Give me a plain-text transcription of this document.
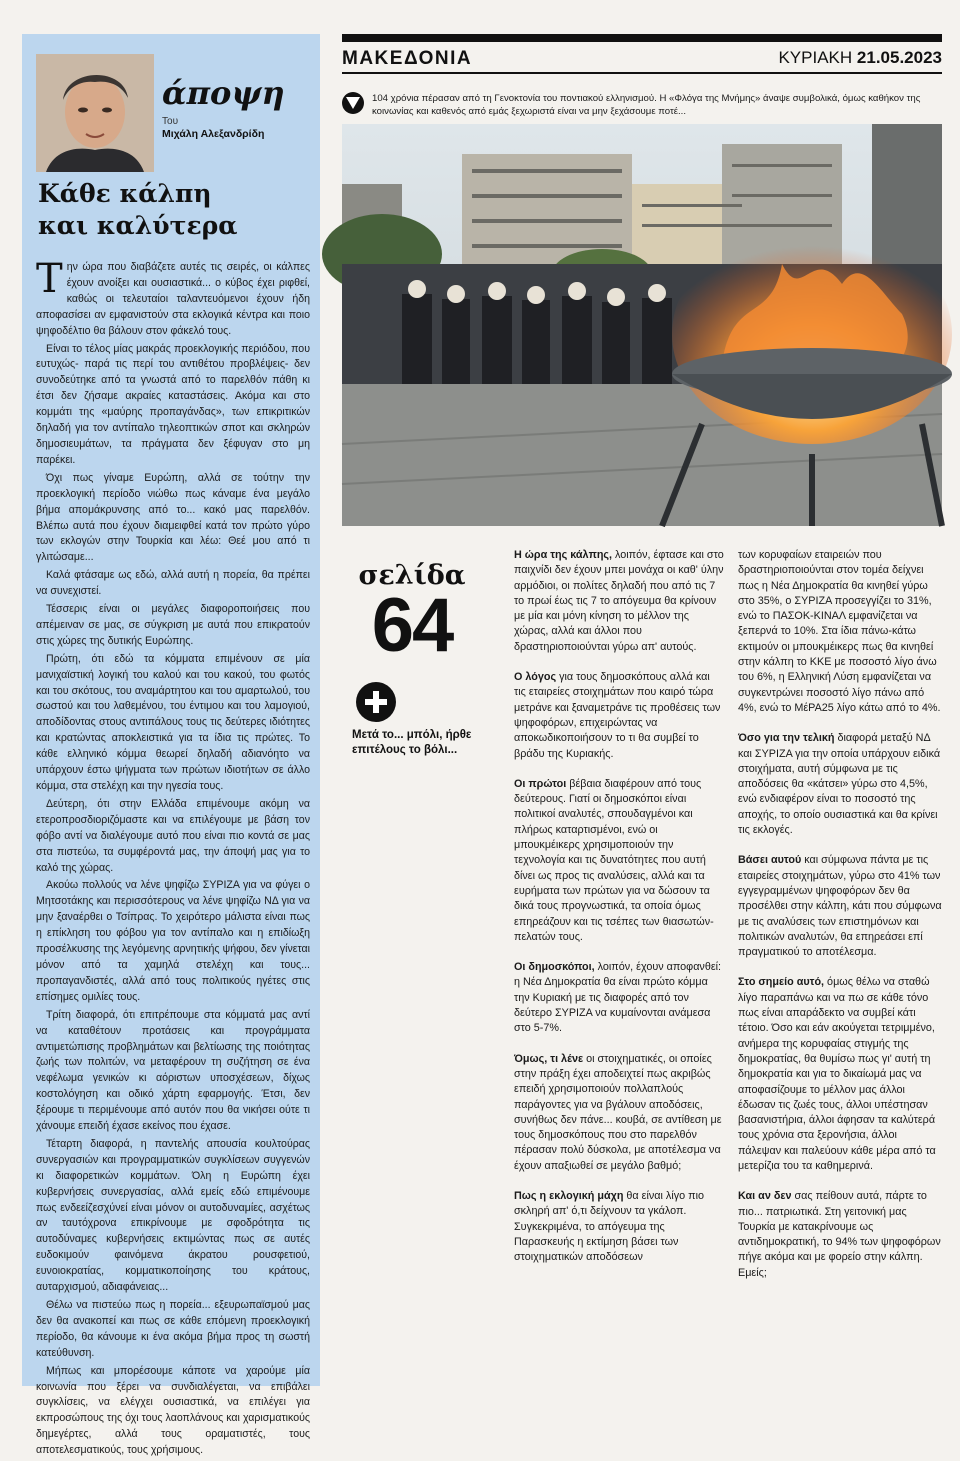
άποψη
Του
Μιχάλη Αλεξανδρίδη
Κάθε κάλπη
και καλύτερα

Την ώρα που διαβάζετε αυτές τις σειρές, οι κάλπες έχουν ανοίξει και ουσιαστικά... ο κύβος έχει ριφθεί, καθώς οι τελευταίοι ταλαντευόμενοι έχουν ήδη αποφασίσει αν εμφανιστούν στα εκλογικά κέντρα και ποιο ψηφοδέλτιο θα βάλουν στον φάκελό τους.

Είναι το τέλος μίας μακράς προεκλογικής περιόδου, που ευτυχώς- παρά τις περί του αντιθέτου προβλέψεις- δεν συνοδεύτηκε από τα γνωστά από το παρελθόν πάθη κι έτσι δεν ζήσαμε ακραίες καταστάσεις. Ακόμα και στο κομμάτι της «μαύρης προπαγάνδας», των επικριτικών δηλαδή για τον αντίπαλο τηλεοπτικών σποτ και σκληρών δημοσιευμάτων, τα πράγματα δεν ξέφυγαν στο μη παρέκει.

Όχι πως γίναμε Ευρώπη, αλλά σε τούτην την προεκλογική περίοδο νιώθω πως κάναμε ένα μεγάλο βήμα απομάκρυνσης από το... κακό μας παρελθόν. Βλέπω αυτά που έχουν διαμειφθεί κατά τον πρώτο γύρο των εκλογών στην Τουρκία και λέω: Θεέ μου από τι γλιτώσαμε...

Καλά φτάσαμε ως εδώ, αλλά αυτή η πορεία, θα πρέπει να συνεχιστεί.

Τέσσερις είναι οι μεγάλες διαφοροποιήσεις που απέμειναν σε μας, σε σύγκριση με αυτά που επικρατούν στις χώρες της δυτικής Ευρώπης.

Πρώτη, ότι εδώ τα κόμματα επιμένουν σε μία μανιχαϊστική λογική του καλού και του κακού, του φωτός και του σκότους, του αναμάρτητου και του αμαρτωλού, του σωστού και του λαθεμένου, του έντιμου και του λαμογιού, αποδίδοντας στους αντιπάλους τους τις δεύτερες ιδιότητες και κρατώντας αποκλειστικά για τα ίδια τις πρώτες. Το κάθε ελληνικό κόμμα θεωρεί δηλαδή αδιανόητο να υπάρχουν έστω ψήγματα των πρώτων ιδιοτήτων σε άλλο κόμμα, στα στελέχη και την ηγεσία τους.

Δεύτερη, ότι στην Ελλάδα επιμένουμε ακόμη να ετεροπροσδιοριζόμαστε και να επιλέγουμε με βάση τον φόβο αντί να διαλέγουμε αυτό που είναι πιο κοντά σε μας στα πιστεύω, τα συμφέροντά μας, την άποψή μας για το καλό της χώρας.

Ακούω πολλούς να λένε ψηφίζω ΣΥΡΙΖΑ για να φύγει ο Μητσοτάκης και περισσότερους να λένε ψηφίζω ΝΔ για να μην ξαναέρθει ο Τσίπρας. Το χειρότερο μάλιστα είναι πως η επίκληση του φόβου για τον αντίπαλο και η επιδίωξη προσέλκυσης της λεγόμενης αρνητικής ψήφου, δεν γίνεται μόνον από τα χαμηλά στελέχη και τους... προπαγανδιστές, αλλά από τους πολιτικούς ηγέτες στις επίσημες ομιλίες τους.

Τρίτη διαφορά, ότι επιτρέπουμε στα κόμματά μας αντί να καταθέτουν προτάσεις και προγράμματα αντιμετώπισης προβλημάτων και βελτίωσης της ποιότητας ζωής των πολιτών, να μεταφέρουν τη συζήτηση σε ένα νεφέλωμα γενικών κι αόριστων υποσχέσεων, δίχως κοστολόγηση και οδικό χάρτη εφαρμογής. Έτσι, δεν ξέρουμε τι περιμένουμε από αυτόν που θα νικήσει ούτε τι χάνουμε επειδή έχασε εκείνος που έχασε.

Τέταρτη διαφορά, η παντελής απουσία κουλτούρας συνεργασιών και προγραμματικών συγκλίσεων συγγενών κι διαφορετικών κομμάτων. Όλη η Ευρώπη έχει κυβερνήσεις συνεργασίας, αλλά εμείς εδώ επιμένουμε πως ενδεείζεσχύνεί είναι μόνον οι αυτοδυναμίες, ασχέτως αν ταυτόχρονα επικρίνουμε με σφοδρότητα τις αυτοδύναμες κυβερνήσεις εκτιμώντας πως σε αυτές ευδοκιμούν φαινόμενα άκρατου ρουσφετιού, ευνοιοκρατίας, κομματικοποίησης του κράτους, αυταρχισμού, αδιαφάνειας...

Θέλω να πιστεύω πως η πορεία... εξευρωπαϊσμού μας δεν θα ανακοπεί και πως σε κάθε επόμενη προεκλογική περίοδο, θα κάνουμε κι ένα ακόμα βήμα προς τη σωστή κατεύθυνση.

Μήπως και μπορέσουμε κάποτε να χαρούμε μία κοινωνία που ξέρει να συνδιαλέγεται, να επιβάλει συγκλίσεις, να ελέγχει ουσιαστικά, να επιλέγει για εκπροσώπους της όχι τους λαοπλάνους και χαρισματικούς δημεγέρτες, αλλά τους οραματιστές, τους αποτελεσματικούς, τους χρήσιμους.

ΜΑΚΕΔΟΝΙΑ	ΚΥΡΙΑΚΗ 21.05.2023
104 χρόνια πέρασαν από τη Γενοκτονία του ποντιακού ελληνισμού. Η «Φλόγα της Μνήμης» άναψε συμβολικά, όμως καθήκον της κοινωνίας και καθενός από εμάς ξεχωριστά είναι να μην ξεχάσουμε ποτέ...
σελίδα
64
Μετά το... μπόλι, ήρθε επιτέλους το βόλι...

Η ώρα της κάλπης, λοιπόν, έφτασε και στο παιχνίδι δεν έχουν μπει μονάχα οι καθ' ύλην αρμόδιοι, οι πολίτες δηλαδή που από τις 7 το πρωί έως τις 7 το απόγευμα θα κρίνουν με μία και μόνη κίνηση το μέλλον της χώρας, αλλά και άλλοι που δραστηριοποιούνται γύρω απ' αυτούς.

Ο λόγος για τους δημοσκόπους αλλά και τις εταιρείες στοιχημάτων που καιρό τώρα μετράνε και ξαναμετράνε τις προθέσεις των ψηφοφόρων, επιχειρώντας να αποκωδικοποιήσουν το τι θα συμβεί το βράδυ της Κυριακής.

Οι πρώτοι βέβαια διαφέρουν από τους δεύτερους. Γιατί οι δημοσκόποι είναι πολιτικοί αναλυτές, σπουδαγμένοι και πλήρως καταρτισμένοι, ενώ οι μπουκμέικερς χρησιμοποιούν την τεχνολογία και τις δυνατότητες που αυτή δίνει ως προς τις αναλύσεις, αλλά και τα ευρήματα των πρώτων για να δώσουν τα δικά τους προγνωστικά, τα οποία όμως επηρεάζουν και τις τσέπες των θιασωτών-πελατών τους.

Οι δημοσκόποι, λοιπόν, έχουν αποφανθεί: η Νέα Δημοκρατία θα είναι πρώτο κόμμα την Κυριακή με τις διαφορές από τον δεύτερο ΣΥΡΙΖΑ να κυμαίνονται ανάμεσα στο 5-7%.

Όμως, τι λένε οι στοιχηματικές, οι οποίες στην πράξη έχει αποδειχτεί πως ακριβώς επειδή χρησιμοποιούν πολλαπλούς παράγοντες για να βγάλουν αποδόσεις, συνήθως δεν πάνε... κουβά, σε αντίθεση με τους δημοσκόπους που στο παρελθόν πέρασαν πολύ δύσκολα, με αποτέλεσμα να έχουν απαξιωθεί σε μεγάλο βαθμό;

Πως η εκλογική μάχη θα είναι λίγο πιο σκληρή απ' ό,τι δείχνουν τα γκάλοπ. Συγκεκριμένα, το απόγευμα της Παρασκευής η εκτίμηση βάσει των στοιχηματικών αποδόσεων

των κορυφαίων εταιρειών που δραστηριοποιούνται στον τομέα δείχνει πως η Νέα Δημοκρατία θα κινηθεί γύρω στο 35%, ο ΣΥΡΙΖΑ προσεγγίζει το 31%, ενώ το ΠΑΣΟΚ-ΚΙΝΑΛ εμφανίζεται να ξεπερνά το 10%. Στα ίδια πάνω-κάτω εκτιμούν οι μπουκμέικερς πως θα κινηθεί στην κάλπη το ΚΚΕ με ποσοστό λίγο άνω του 6%, η Ελληνική Λύση εμφανίζεται να συγκεντρώνει ποσοστό λίγο πάνω από 4%, ενώ το ΜέΡΑ25 λίγο κάτω από το 4%.

Όσο για την τελική διαφορά μεταξύ ΝΔ και ΣΥΡΙΖΑ για την οποία υπάρχουν ειδικά στοιχήματα, αυτή σύμφωνα με τις αποδόσεις θα «κάτσει» γύρω στο 4,5%, ενώ ενδιαφέρον είναι το ποσοστό της αποχής, το οποίο ουσιαστικά και θα κρίνει τις εκλογές.

Βάσει αυτού και σύμφωνα πάντα με τις εταιρείες στοιχημάτων, γύρω στο 41% των εγγεγραμμένων ψηφοφόρων δεν θα προσέλθει στην κάλπη, κάτι που σύμφωνα με τις αναλύσεις των επιστημόνων και πολιτικών αναλυτών, θα επηρεάσει επί πραγματικού το αποτέλεσμα.

Στο σημείο αυτό, όμως θέλω να σταθώ λίγο παραπάνω και να πω σε κάθε τόνο πως είναι απαράδεκτο να συμβεί κάτι τέτοιο. Όσο και εάν ακούγεται τετριμμένο, ανήμερα της κορυφαίας στιγμής της δημοκρατίας, θα θυμίσω πως γι' αυτή τη δημοκρατία και για το δικαίωμά μας να αποφασίζουμε το μέλλον μας άλλοι έδωσαν τις ζωές τους, άλλοι υπέστησαν βασανιστήρια, άλλοι άφησαν τα καλύτερά τους χρόνια στα ξερονήσια, άλλοι πάλεψαν και παλεύουν κάθε μέρα από τα μετερίζια του τα καθημερινά.

Και αν δεν σας πείθουν αυτά, πάρτε το πιο... πατριωτικά. Στη γειτονική μας Τουρκία με κατακρίνουμε ως αντιδημοκρατική, το 94% των ψηφοφόρων πήγε ακόμα και με φορείο στην κάλπη. Εμείς;
